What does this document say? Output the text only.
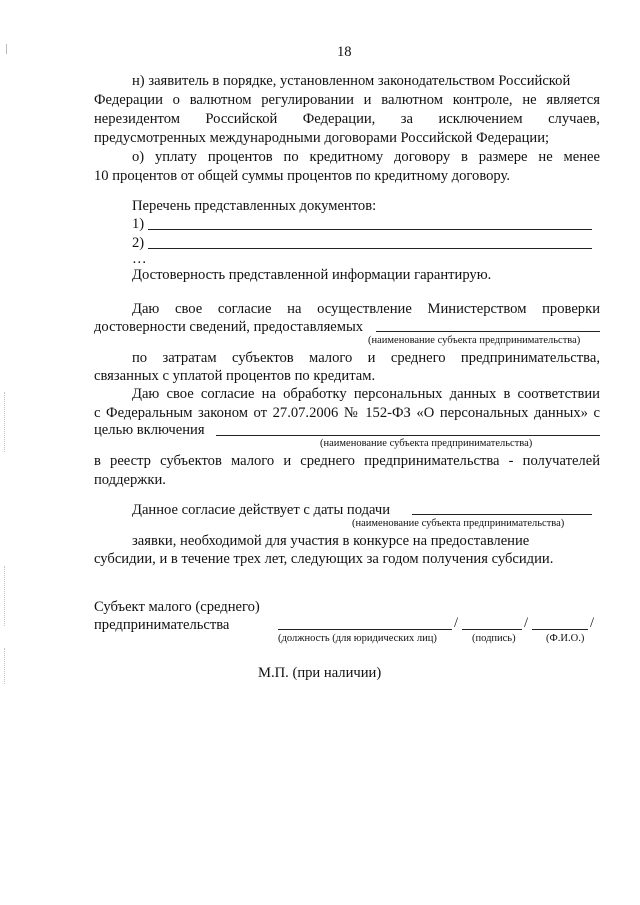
18
н) заявитель в порядке, установленном законодательством Российской
Федерации о валютном регулировании и валютном контроле, не является
нерезидентом Российской Федерации, за исключением случаев,
предусмотренных международными договорами Российской Федерации;
о) уплату процентов по кредитному договору в размере не менее
10 процентов от общей суммы процентов по кредитному договору.
Перечень представленных документов:
1)
2)
…
Достоверность представленной информации гарантирую.
Даю свое согласие на осуществление Министерством проверки
достоверности сведений, предоставляемых
(наименование субъекта предпринимательства)
по затратам субъектов малого и среднего предпринимательства,
связанных с уплатой процентов по кредитам.
Даю свое согласие на обработку персональных данных в соответствии
с Федеральным законом от 27.07.2006 № 152-ФЗ «О персональных данных» с
целью включения
(наименование субъекта предпринимательства)
в реестр субъектов малого и среднего предпринимательства - получателей
поддержки.
Данное согласие действует с даты подачи
(наименование субъекта предпринимательства)
заявки, необходимой для участия в конкурсе на предоставление
субсидии, и в течение трех лет, следующих за годом получения субсидии.
Субъект малого (среднего)
предпринимательства	/	/	/
(должность (для юридических лиц)	(подпись)	(Ф.И.О.)
М.П. (при наличии)
